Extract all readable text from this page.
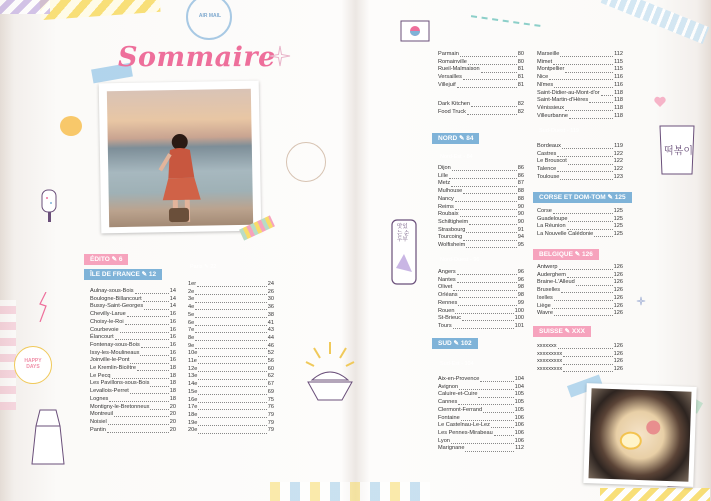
AIR MAIL
Sommaire
HAPPY DAYS
맛있는 순두부
떡볶이
ÉDITO ✎ 6
ÎLE DE FRANCE ✎ 12
Aulnay-sous-Bois	14
Boulogne-Billancourt	14
Bussy-Saint-Georges	14
Chevilly-Larue	16
Choisy-le-Roi	16
Courbevoie	16
Élancourt	16
Fontenay-sous-Bois	16
Issy-les-Moulineaux	16
Joinville-le-Pont	16
Le Kremlin-Bicêtre	18
Le Pecq	18
Les Pavillons-sous-Bois	18
Levallois-Perret	18
Lognes	18
Montigny-le-Bretonneux	20
Montreuil	20
Noisiel	20
Pantin	20
Paris ✎ 22
1er	24
2e	26
3e	30
4e	36
5e	38
6e	41
7e	43
8e	44
9e	46
10e	52
11e	56
12e	60
13e	62
14e	67
15e	69
16e	75
17e	76
18e	79
19e	79
20e	79
Parmain	80
Romainville	80
Rueil-Malmaison	81
Versailles	81
Villejuif	81
Dark Kitchen	82
Food Truck	82
NORD ✎ 84
Nord-Est - 84
Dijon	86
Lille	86
Metz	87
Mulhouse	88
Nancy	88
Reims	90
Roubaix	90
Schiltigheim	90
Strasbourg	91
Tourcoing	94
Wolfisheim	95
Nord-Ouest - 96
Angers	96
Nantes	96
Olivet	98
Orléans	98
Rennes	99
Rouen	100
St-Brieuc	100
Tours	101
SUD ✎ 102
Sud-Est - 104
Aix-en-Provence	104
Avignon	104
Caluire-et-Cuire	105
Cannes	105
Clermont-Ferrand	105
Fontaine	106
Le Castelnau-Le-Lez	106
Les Pennes-Mirabeau	106
Lyon	106
Marignane	112
Marseille	112
Mimet	115
Montpellier	115
Nice	116
Nîmes	116
Saint-Didier-au-Mont-d'or	118
Saint-Martin-d'Hères	118
Vénissieux	118
Villeurbanne	118
Sud-Ouest - 119
Bordeaux	119
Castres	122
Le Brouscot	122
Talence	122
Toulouse	123
CORSE ET DOM-TOM ✎ 125
Corse	125
Guadeloupe	125
La Réunion	125
La Nouvelle Calédonie	125
BELGIQUE ✎ 126
Antwerp	126
Auderghem	126
Braine-L'Alleud	126
Bruxelles	126
Ixelles	126
Liège	126
Wavre	126
SUISSE ✎ XXX
xxxxxxx	126
xxxxxxxxx	126
xxxxxxxxx	126
xxxxxxxxx	126
